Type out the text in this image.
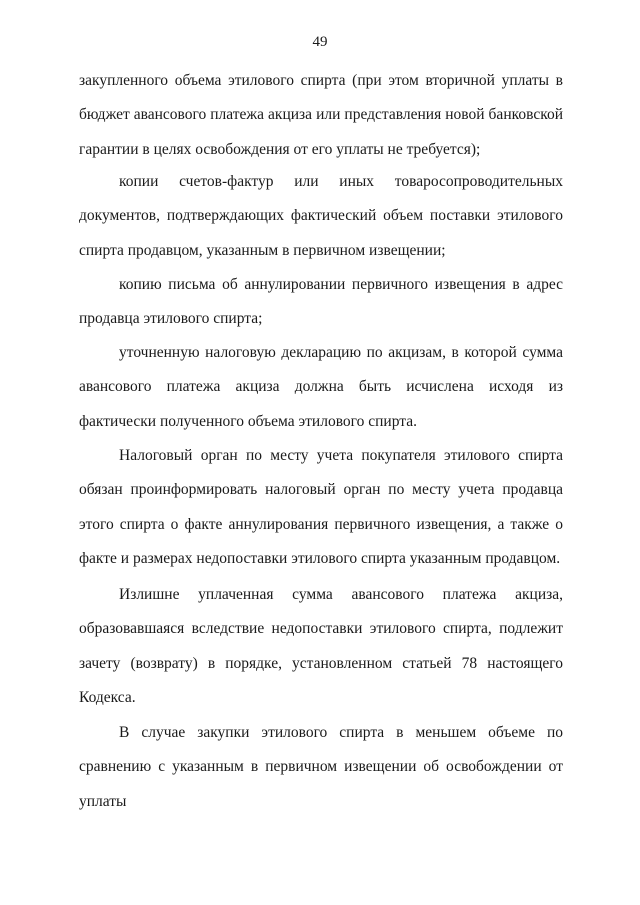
49

закупленного объема этилового спирта (при этом вторичной уплаты в бюджет авансового платежа акциза или представления новой банковской гарантии в целях освобождения от его уплаты не требуется);

копии счетов-фактур или иных товаросопроводительных документов, подтверждающих фактический объем поставки этилового спирта продавцом, указанным в первичном извещении;

копию письма об аннулировании первичного извещения в адрес продавца этилового спирта;

уточненную налоговую декларацию по акцизам, в которой сумма авансового платежа акциза должна быть исчислена исходя из фактически полученного объема этилового спирта.

Налоговый орган по месту учета покупателя этилового спирта обязан проинформировать налоговый орган по месту учета продавца этого спирта о факте аннулирования первичного извещения, а также о факте и размерах недопоставки этилового спирта указанным продавцом.

Излишне уплаченная сумма авансового платежа акциза, образовавшаяся вследствие недопоставки этилового спирта, подлежит зачету (возврату) в порядке, установленном статьей 78 настоящего Кодекса.

В случае закупки этилового спирта в меньшем объеме по сравнению с указанным в первичном извещении об освобождении от уплаты
